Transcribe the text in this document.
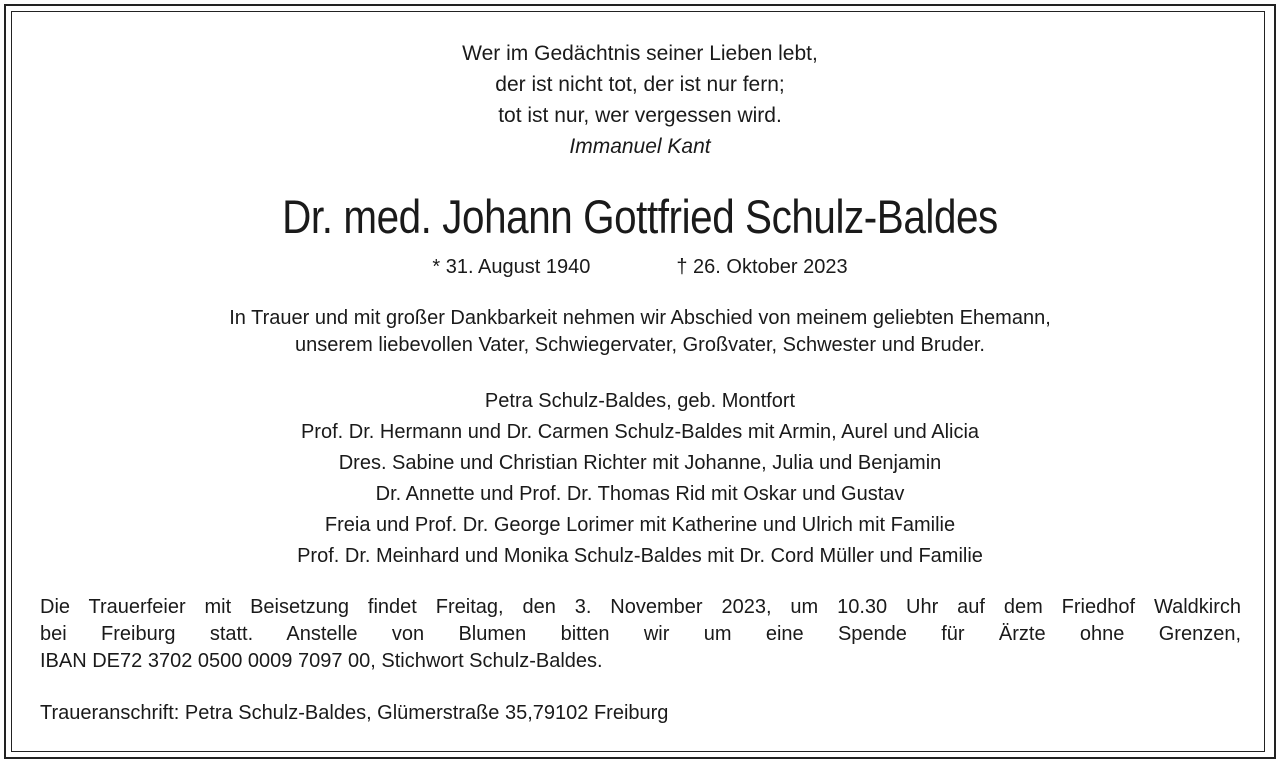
Wer im Gedächtnis seiner Lieben lebt,
der ist nicht tot, der ist nur fern;
tot ist nur, wer vergessen wird.
Immanuel Kant
Dr. med. Johann Gottfried Schulz-Baldes
* 31. August 1940	† 26. Oktober 2023
In Trauer und mit großer Dankbarkeit nehmen wir Abschied von meinem geliebten Ehemann,
unserem liebevollen Vater, Schwiegervater, Großvater, Schwester und Bruder.
Petra Schulz-Baldes, geb. Montfort
Prof. Dr. Hermann und Dr. Carmen Schulz-Baldes mit Armin, Aurel und Alicia
Dres. Sabine und Christian Richter mit Johanne, Julia und Benjamin
Dr. Annette und Prof. Dr. Thomas Rid mit Oskar und Gustav
Freia und Prof. Dr. George Lorimer mit Katherine und Ulrich mit Familie
Prof. Dr. Meinhard und Monika Schulz-Baldes mit Dr. Cord Müller und Familie
Die Trauerfeier mit Beisetzung findet Freitag, den 3. November 2023, um 10.30 Uhr auf dem Friedhof Waldkirch
bei Freiburg statt. Anstelle von Blumen bitten wir um eine Spende für Ärzte ohne Grenzen,
IBAN DE72 3702 0500 0009 7097 00, Stichwort Schulz-Baldes.
Traueranschrift: Petra Schulz-Baldes, Glümerstraße 35,79102 Freiburg
